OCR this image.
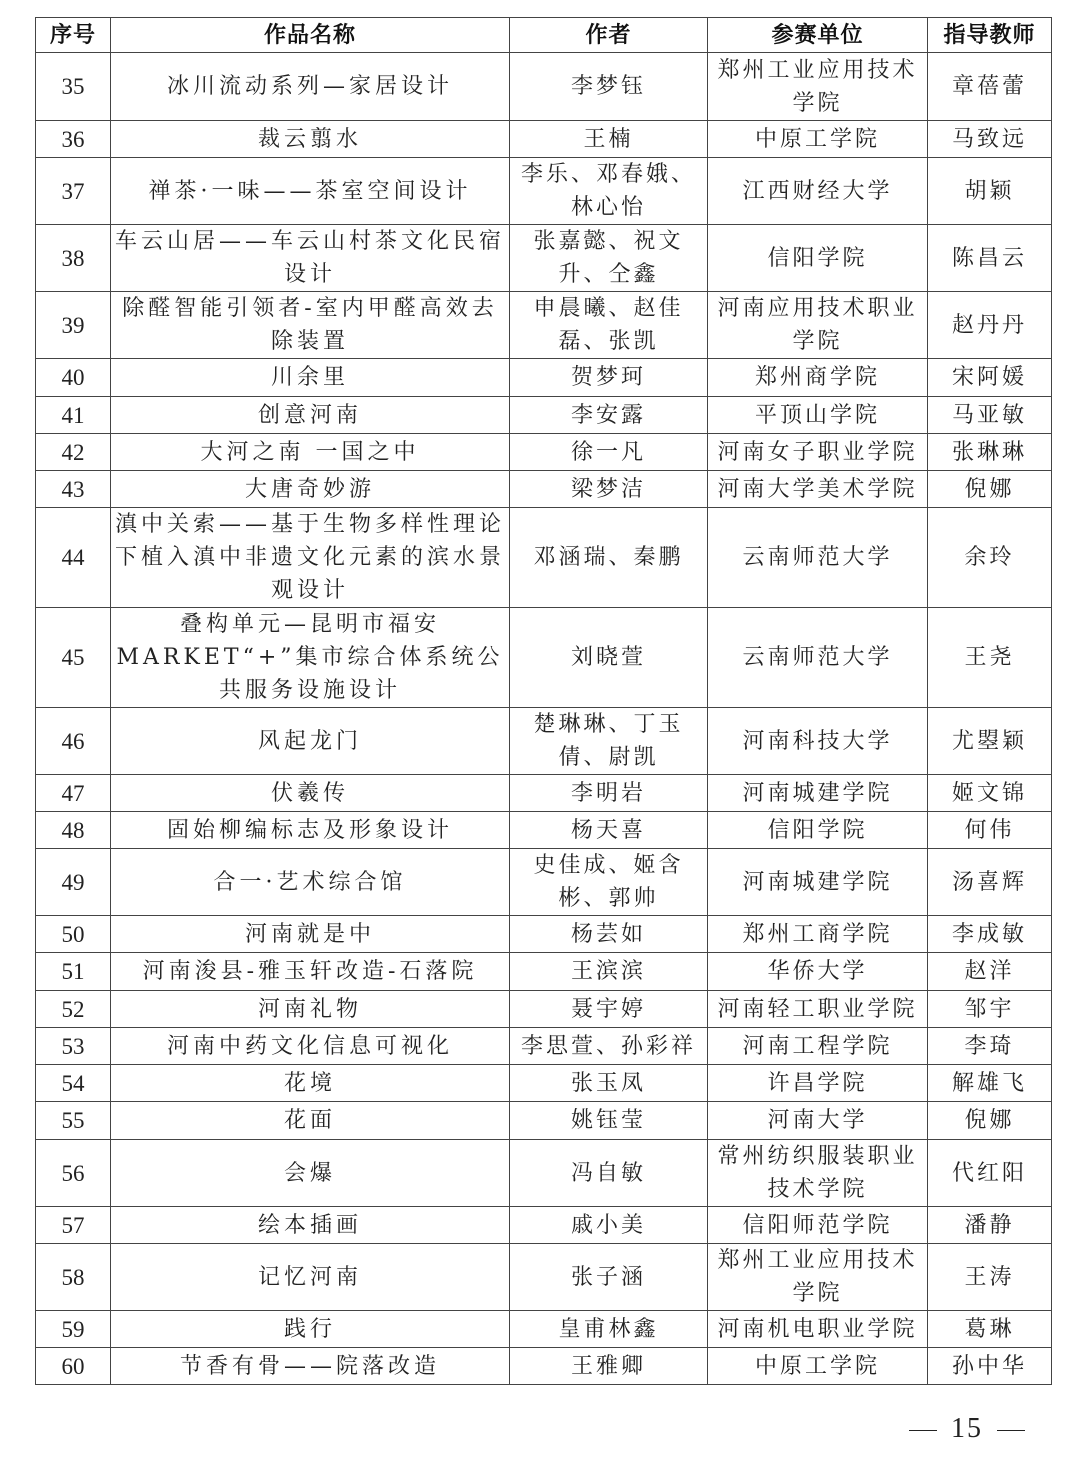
序号	作品名称	作者	参赛单位	指导教师
35	冰川流动系列—家居设计	李梦钰	郑州工业应用技术学院	章蓓蕾
36	裁云翦水	王楠	中原工学院	马致远
37	禅茶·一味——茶室空间设计	李乐、邓春娥、林心怡	江西财经大学	胡颖
38	车云山居——车云山村茶文化民宿设计	张嘉懿、祝文升、仝鑫	信阳学院	陈昌云
39	除醛智能引领者-室内甲醛高效去除装置	申晨曦、赵佳磊、张凯	河南应用技术职业学院	赵丹丹
40	川余里	贺梦珂	郑州商学院	宋阿媛
41	创意河南	李安露	平顶山学院	马亚敏
42	大河之南 一国之中	徐一凡	河南女子职业学院	张琳琳
43	大唐奇妙游	梁梦洁	河南大学美术学院	倪娜
44	滇中关索——基于生物多样性理论下植入滇中非遗文化元素的滨水景观设计	邓涵瑞、秦鹏	云南师范大学	余玲
45	叠构单元—昆明市福安MARKET“+”集市综合体系统公共服务设施设计	刘晓萱	云南师范大学	王尧
46	风起龙门	楚琳琳、丁玉倩、尉凯	河南科技大学	尤曌颖
47	伏羲传	李明岩	河南城建学院	姬文锦
48	固始柳编标志及形象设计	杨天喜	信阳学院	何伟
49	合一·艺术综合馆	史佳成、姬含彬、郭帅	河南城建学院	汤喜辉
50	河南就是中	杨芸如	郑州工商学院	李成敏
51	河南浚县-雅玉轩改造-石落院	王滨滨	华侨大学	赵洋
52	河南礼物	聂宇婷	河南轻工职业学院	邹宇
53	河南中药文化信息可视化	李思萱、孙彩祥	河南工程学院	李琦
54	花境	张玉凤	许昌学院	解雄飞
55	花面	姚钰莹	河南大学	倪娜
56	会爆	冯自敏	常州纺织服装职业技术学院	代红阳
57	绘本插画	戚小美	信阳师范学院	潘静
58	记忆河南	张子涵	郑州工业应用技术学院	王涛
59	践行	皇甫林鑫	河南机电职业学院	葛琳
60	节香有骨——院落改造	王雅卿	中原工学院	孙中华
15
